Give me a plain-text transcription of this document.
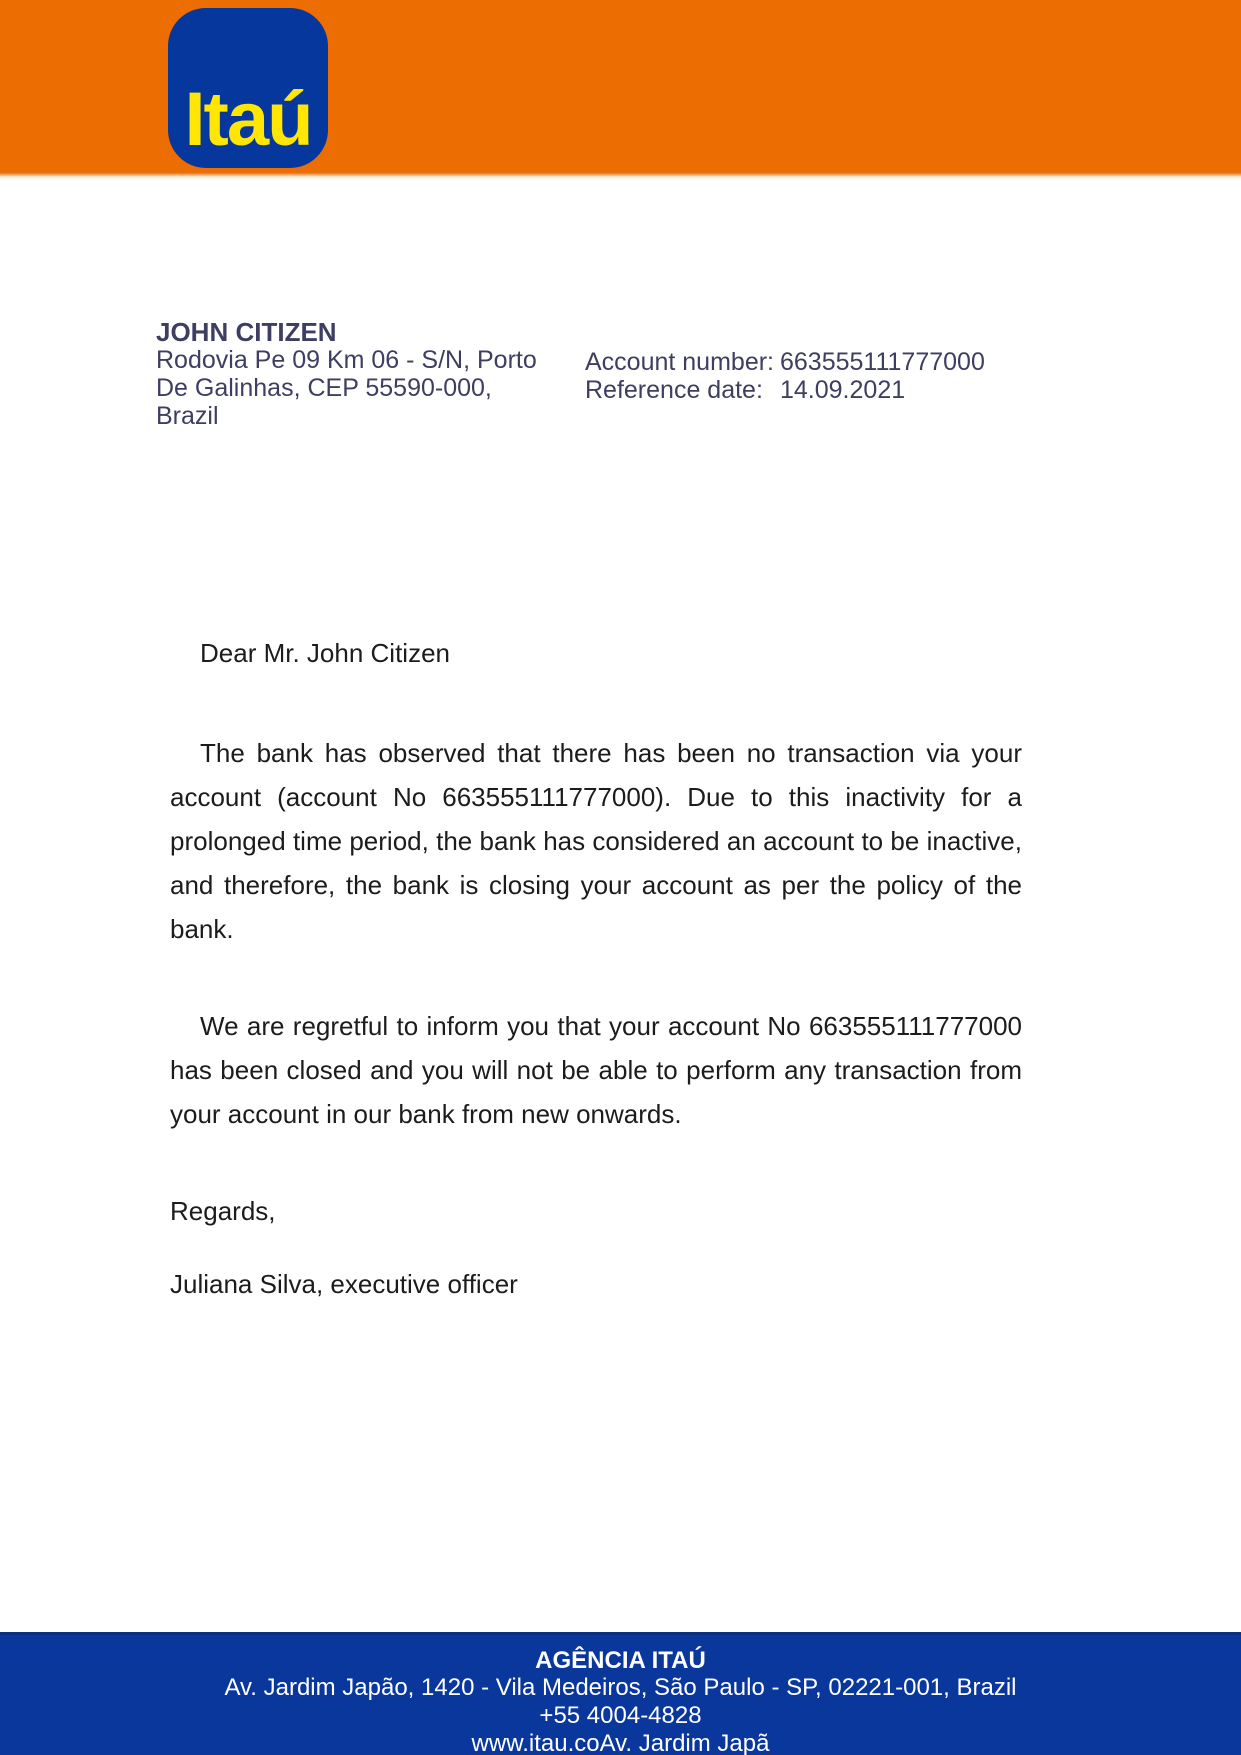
Itaú
JOHN CITIZEN
Rodovia Pe 09 Km 06 - S/N, Porto
De Galinhas, CEP 55590-000,
Brazil
Account number: 663555111777000
Reference date: 14.09.2021
Dear Mr. John Citizen

The bank has observed that there has been no transaction via your account (account No 663555111777000). Due to this inactivity for a prolonged time period, the bank has considered an account to be inactive, and therefore, the bank is closing your account as per the policy of the bank.

We are regretful to inform you that your account No 663555111777000 has been closed and you will not be able to perform any transaction from your account in our bank from new onwards.

Regards,
Juliana Silva, executive officer
AGÊNCIA ITAÚ
Av. Jardim Japão, 1420 - Vila Medeiros, São Paulo - SP, 02221-001, Brazil
+55 4004-4828
www.itau.coAv. Jardim Japã
